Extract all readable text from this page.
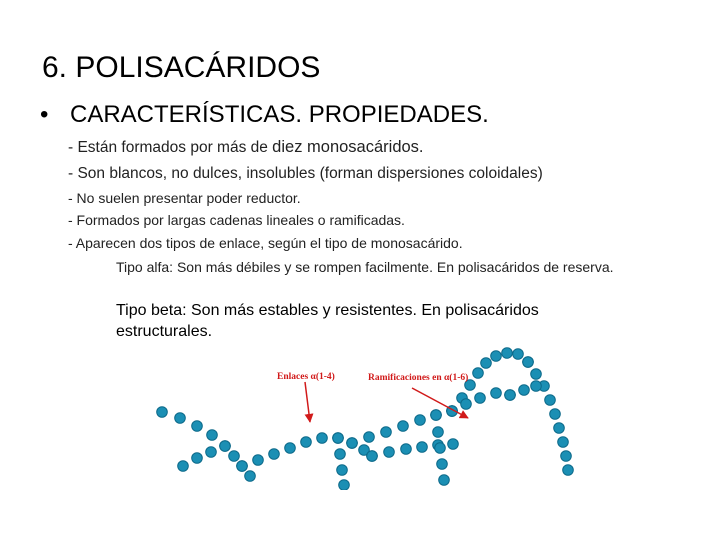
6. POLISACÁRIDOS
• CARACTERÍSTICAS. PROPIEDADES.
- Están formados por más de diez monosacáridos.
- Son blancos, no dulces, insolubles (forman dispersiones coloidales)
- No suelen presentar poder reductor.
- Formados por largas cadenas lineales o ramificadas.
- Aparecen dos tipos de enlace, según el tipo de monosacárido.
Tipo alfa: Son más débiles y se rompen facilmente. En polisacáridos de reserva.
Tipo beta: Son más estables y resistentes. En polisacáridos estructurales.
Enlaces α(1-4)	Ramificaciones en α(1-6)
